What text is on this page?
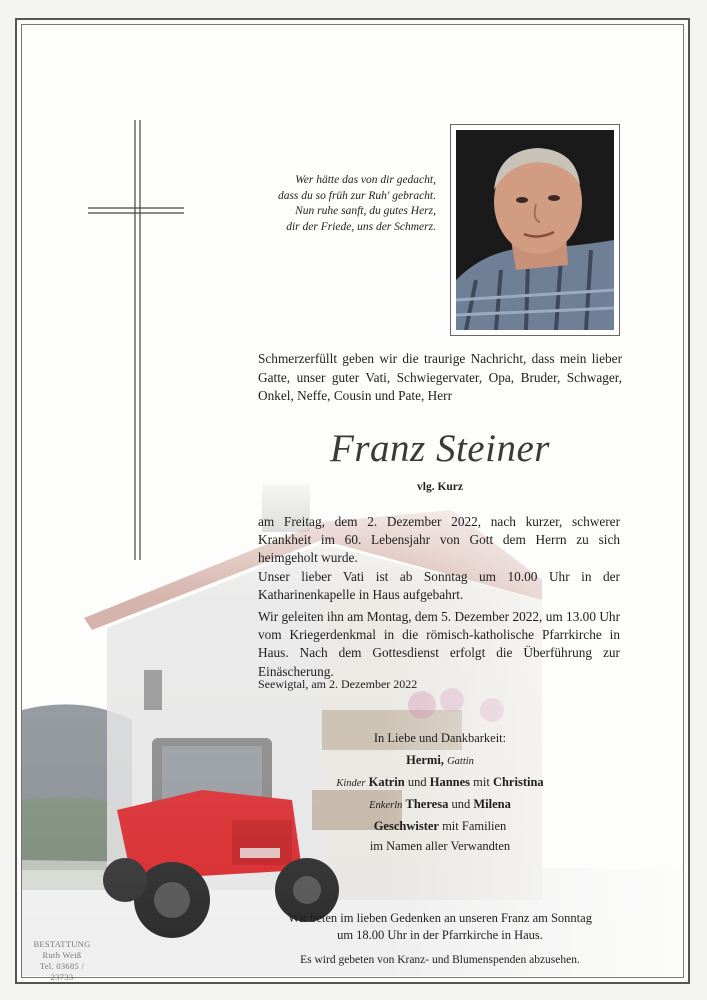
Wer hätte das von dir gedacht,
dass du so früh zur Ruh' gebracht.
Nun ruhe sanft, du gutes Herz,
dir der Friede, uns der Schmerz.
Schmerzerfüllt geben wir die traurige Nachricht, dass mein lieber Gatte, unser guter Vati, Schwiegervater, Opa, Bruder, Schwager, Onkel, Neffe, Cousin und Pate, Herr
Franz Steiner
vlg. Kurz
am Freitag, dem 2. Dezember 2022, nach kurzer, schwerer Krankheit im 60. Lebensjahr von Gott dem Herrn zu sich heimgeholt wurde.
Unser lieber Vati ist ab Sonntag um 10.00 Uhr in der Katharinenkapelle in Haus aufgebahrt.
Wir geleiten ihn am Montag, dem 5. Dezember 2022, um 13.00 Uhr vom Kriegerdenkmal in die römisch-katholische Pfarrkirche in Haus. Nach dem Gottesdienst erfolgt die Überführung zur Einäscherung.
Seewigtal, am 2. Dezember 2022
In Liebe und Dankbarkeit:
Hermi, Gattin
Kinder Katrin und Hannes mit Christina
Enkerln Theresa und Milena
Geschwister mit Familien
im Namen aller Verwandten
Wir beten im lieben Gedenken an unseren Franz am Sonntag
um 18.00 Uhr in der Pfarrkirche in Haus.
Es wird gebeten von Kranz- und Blumenspenden abzusehen.
BESTATTUNG
Ruth Weiß
Tel. 03685 / 23733
